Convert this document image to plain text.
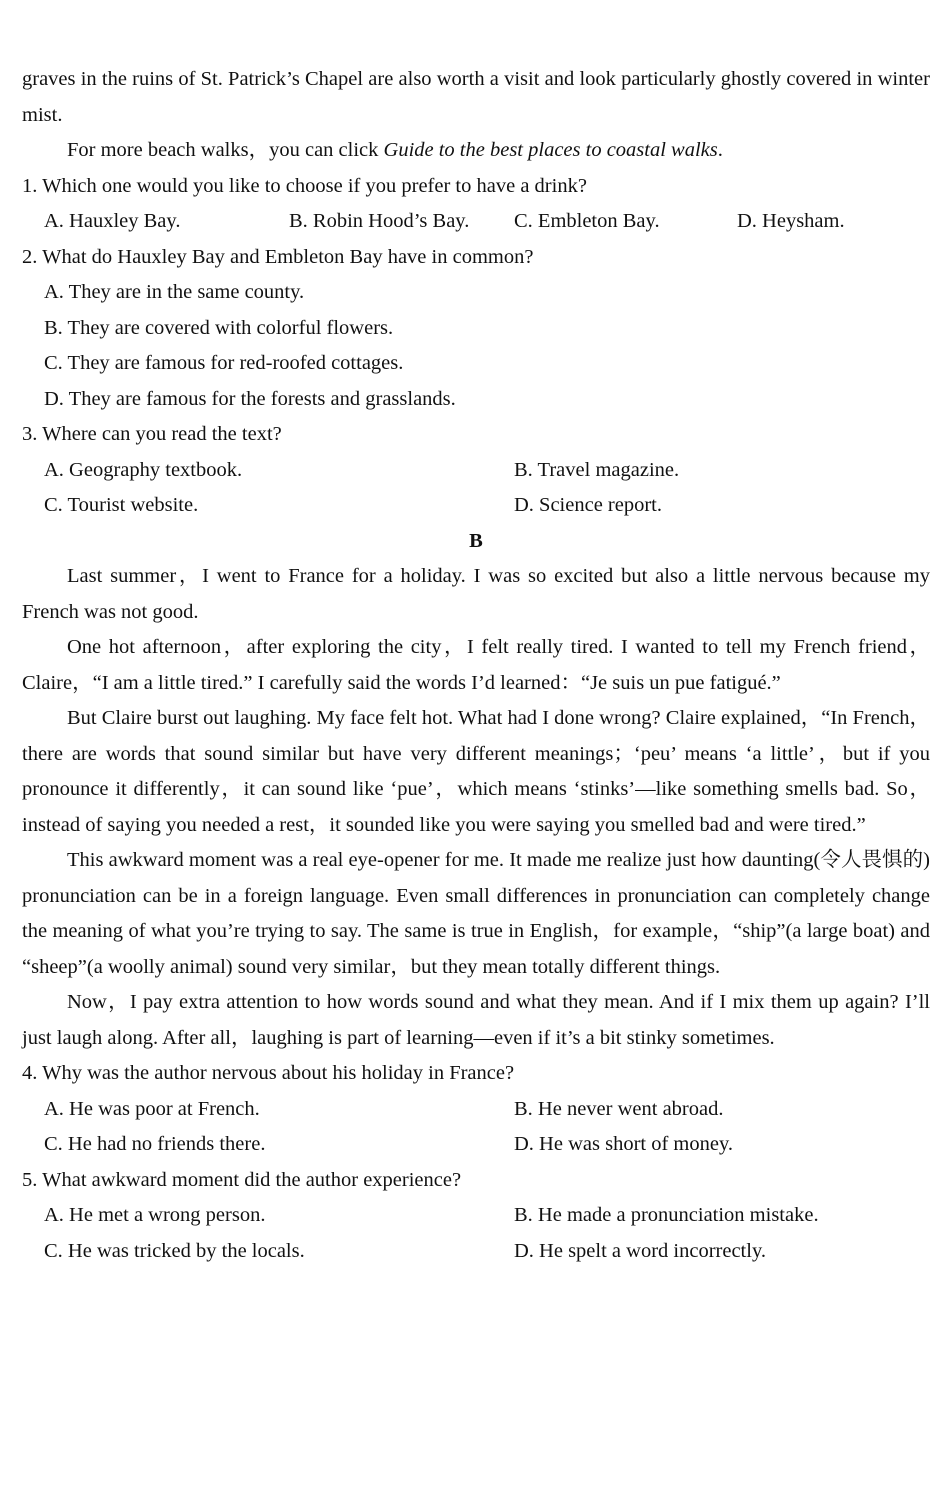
graves in the ruins of St. Patrick’s Chapel are also worth a visit and look particularly ghostly covered in winter mist.

For more beach walks，you can click Guide to the best places to coastal walks.

1. Which one would you like to choose if you prefer to have a drink?

A. Hauxley Bay.	B. Robin Hood’s Bay.	C. Embleton Bay.	D. Heysham.

2. What do Hauxley Bay and Embleton Bay have in common?

A. They are in the same county.

B. They are covered with colorful flowers.

C. They are famous for red-roofed cottages.

D. They are famous for the forests and grasslands.

3. Where can you read the text?

A. Geography textbook.	B. Travel magazine.
C. Tourist website.	D. Science report.

B

Last summer，I went to France for a holiday. I was so excited but also a little nervous because my French was not good.

One hot afternoon，after exploring the city，I felt really tired. I wanted to tell my French friend，Claire，“I am a little tired.” I carefully said the words I’d learned：“Je suis un pue fatigué.”

But Claire burst out laughing. My face felt hot. What had I done wrong? Claire explained，“In French，there are words that sound similar but have very different meanings；‘peu’ means ‘a little’，but if you pronounce it differently，it can sound like ‘pue’，which means ‘stinks’—like something smells bad. So，instead of saying you needed a rest，it sounded like you were saying you smelled bad and were tired.”

This awkward moment was a real eye-opener for me. It made me realize just how daunting(令人畏惧的) pronunciation can be in a foreign language. Even small differences in pronunciation can completely change the meaning of what you’re trying to say. The same is true in English，for example，“ship”(a large boat) and “sheep”(a woolly animal) sound very similar，but they mean totally different things.

Now，I pay extra attention to how words sound and what they mean. And if I mix them up again? I’ll just laugh along. After all，laughing is part of learning—even if it’s a bit stinky sometimes.

4. Why was the author nervous about his holiday in France?

A. He was poor at French.	B. He never went abroad.
C. He had no friends there.	D. He was short of money.

5. What awkward moment did the author experience?

A. He met a wrong person.	B. He made a pronunciation mistake.
C. He was tricked by the locals.	D. He spelt a word incorrectly.
